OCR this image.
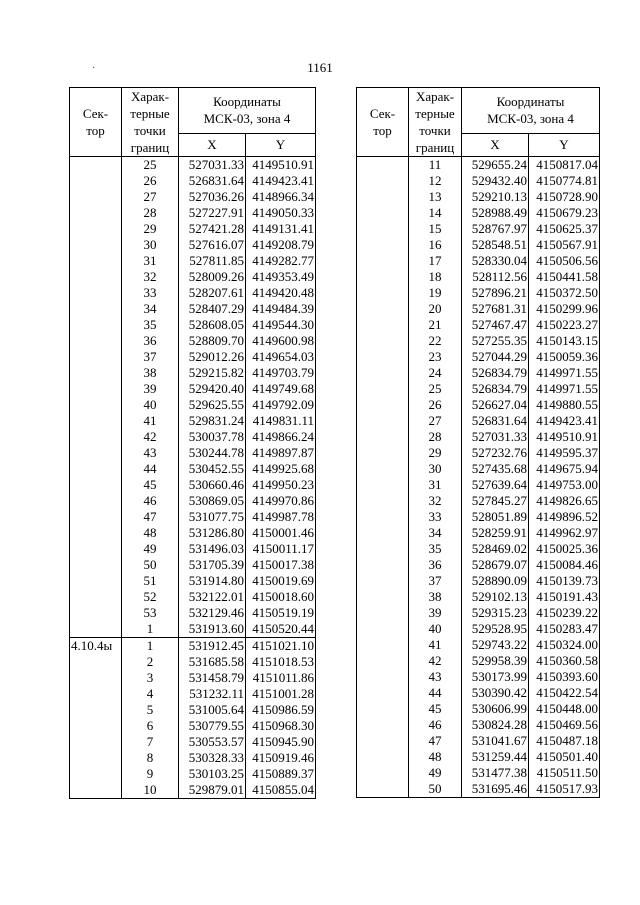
1161
·
Сек-
тор	Харак-
терные
точки
границ	Координаты
МСК-03, зона 4	
		X	Y
	25	527031.33	4149510.91
	26	526831.64	4149423.41
	27	527036.26	4148966.34
	28	527227.91	4149050.33
	29	527421.28	4149131.41
	30	527616.07	4149208.79
	31	527811.85	4149282.77
	32	528009.26	4149353.49
	33	528207.61	4149420.48
	34	528407.29	4149484.39
	35	528608.05	4149544.30
	36	528809.70	4149600.98
	37	529012.26	4149654.03
	38	529215.82	4149703.79
	39	529420.40	4149749.68
	40	529625.55	4149792.09
	41	529831.24	4149831.11
	42	530037.78	4149866.24
	43	530244.78	4149897.87
	44	530452.55	4149925.68
	45	530660.46	4149950.23
	46	530869.05	4149970.86
	47	531077.75	4149987.78
	48	531286.80	4150001.46
	49	531496.03	4150011.17
	50	531705.39	4150017.38
	51	531914.80	4150019.69
	52	532122.01	4150018.60
	53	532129.46	4150519.19
	1	531913.60	4150520.44
4.10.4ы	1	531912.45	4151021.10
	2	531685.58	4151018.53
	3	531458.79	4151011.86
	4	531232.11	4151001.28
	5	531005.64	4150986.59
	6	530779.55	4150968.30
	7	530553.57	4150945.90
	8	530328.33	4150919.46
	9	530103.25	4150889.37
	10	529879.01	4150855.04
Сек-
тор	Харак-
терные
точки
границ	Координаты
МСК-03, зона 4	
		X	Y
	11	529655.24	4150817.04
	12	529432.40	4150774.81
	13	529210.13	4150728.90
	14	528988.49	4150679.23
	15	528767.97	4150625.37
	16	528548.51	4150567.91
	17	528330.04	4150506.56
	18	528112.56	4150441.58
	19	527896.21	4150372.50
	20	527681.31	4150299.96
	21	527467.47	4150223.27
	22	527255.35	4150143.15
	23	527044.29	4150059.36
	24	526834.79	4149971.55
	25	526834.79	4149971.55
	26	526627.04	4149880.55
	27	526831.64	4149423.41
	28	527031.33	4149510.91
	29	527232.76	4149595.37
	30	527435.68	4149675.94
	31	527639.64	4149753.00
	32	527845.27	4149826.65
	33	528051.89	4149896.52
	34	528259.91	4149962.97
	35	528469.02	4150025.36
	36	528679.07	4150084.46
	37	528890.09	4150139.73
	38	529102.13	4150191.43
	39	529315.23	4150239.22
	40	529528.95	4150283.47
	41	529743.22	4150324.00
	42	529958.39	4150360.58
	43	530173.99	4150393.60
	44	530390.42	4150422.54
	45	530606.99	4150448.00
	46	530824.28	4150469.56
	47	531041.67	4150487.18
	48	531259.44	4150501.40
	49	531477.38	4150511.50
	50	531695.46	4150517.93
